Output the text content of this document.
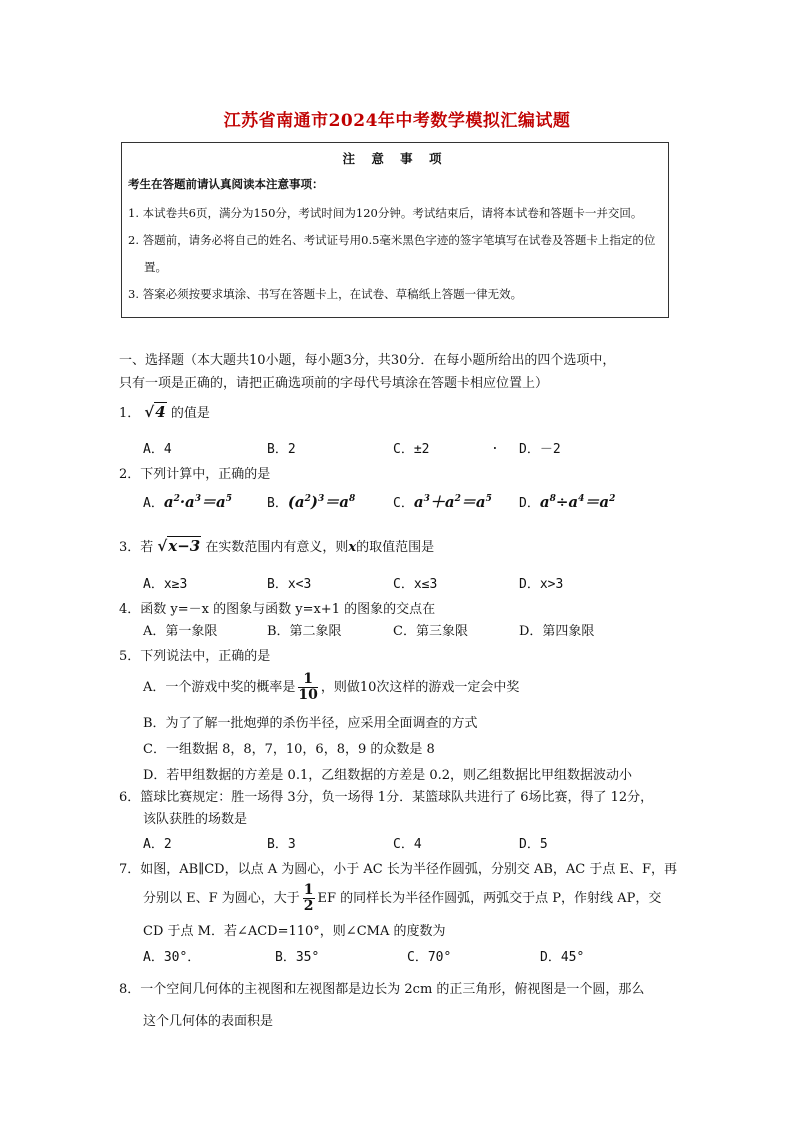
江苏省南通市2024年中考数学模拟汇编试题
注 意 事 项
考生在答题前请认真阅读本注意事项：
1. 本试卷共6页，满分为150分，考试时间为120分钟。考试结束后，请将本试卷和答题卡一并交回。
2. 答题前，请务必将自己的姓名、考试证号用0.5毫米黑色字迹的签字笔填写在试卷及答题卡上指定的位置。
3. 答案必须按要求填涂、书写在答题卡上，在试卷、草稿纸上答题一律无效。
一、选择题（本大题共10小题，每小题3分，共30分．在每小题所给出的四个选项中，
只有一项是正确的，请把正确选项前的字母代号填涂在答题卡相应位置上）
1． √4 的值是
A．4	B．2	C．±2	. D．－2
2．下列计算中，正确的是
A．$a^2\cdot a^3=a^5$	B．$(a^2)^3=a^8$	C．$a^3+a^2=a^5$ D．$a^8\div a^4=a^2$
3．若 √x−3 在实数范围内有意义，则x的取值范围是
A．x≥3	B．x<3	C．x≤3	D．x>3
4．函数 y=－x 的图象与函数 y=x+1 的图象的交点在
A．第一象限	B．第二象限	C．第三象限	D．第四象限
5．下列说法中，正确的是
A．一个游戏中奖的概率是 $\frac{1}{10}$ ，则做10次这样的游戏一定会中奖
B．为了了解一批炮弹的杀伤半径，应采用全面调查的方式
C．一组数据 8，8，7，10，6，8，9 的众数是 8
D．若甲组数据的方差是 0.1，乙组数据的方差是 0.2，则乙组数据比甲组数据波动小
6．篮球比赛规定：胜一场得 3分，负一场得 1分．某篮球队共进行了 6场比赛，得了 12分，
该队获胜的场数是
A．2	B．3	C．4	D．5
7．如图，AB∥CD，以点 A 为圆心，小于 AC 长为半径作圆弧，分别交 AB，AC 于点 E、F，再
分别以 E、F 为圆心，大于 $\frac{1}{2}$ EF 的同样长为半径作圆弧，两弧交于点 P，作射线 AP，交
CD 于点 M．若∠ACD=110°，则∠CMA 的度数为
A．30°．	B．35°	C．70°	D．45°
8．一个空间几何体的主视图和左视图都是边长为 2cm 的正三角形，俯视图是一个圆，那么
这个几何体的表面积是
